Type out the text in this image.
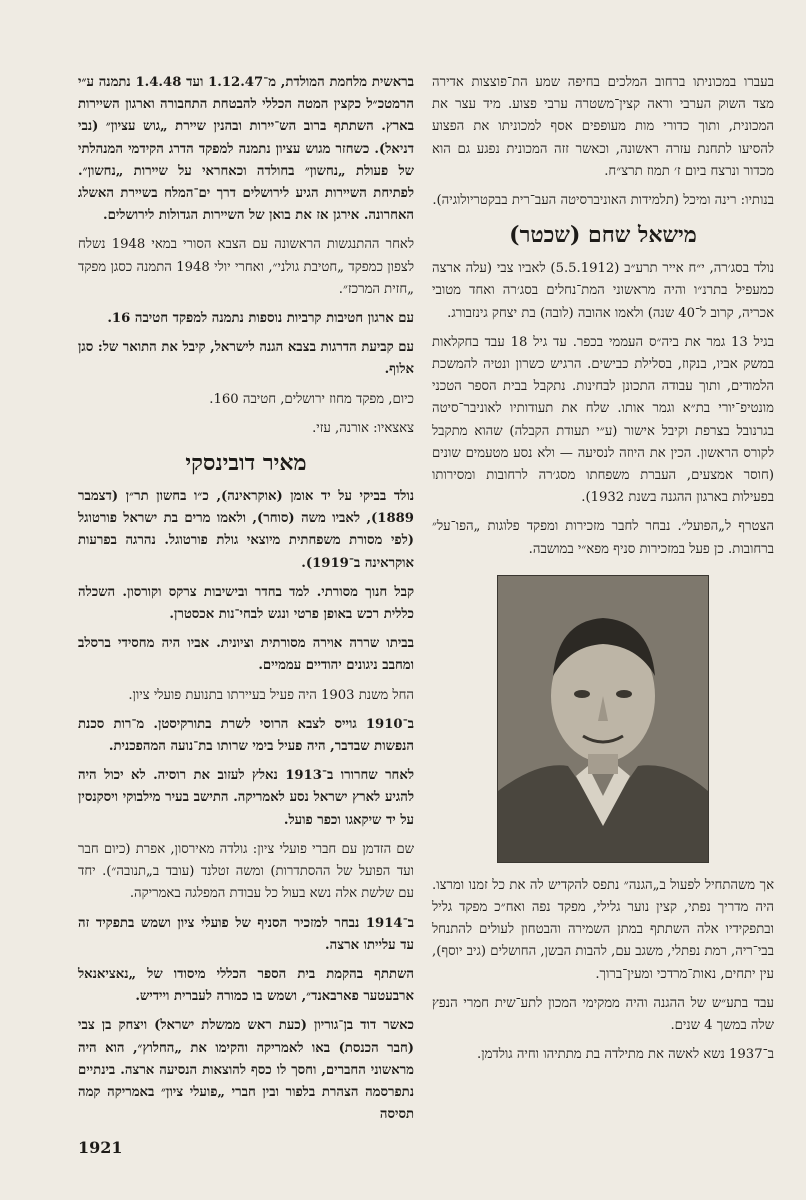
בעברו במכוניתו ברחוב המלכים בחיפה שמע הת־פוצצות אדירה מצד השוק הערבי וראה קצין־משטרה ערבי פצוע. מיד עצר את המכונית, ותוך כדורי מות מעופפים אסף למכוניתו את הפצוע להסיעו לתחנת עזרה ראשונה, וכאשר זזה המכונית נפגע גם הוא מכדור ונרצח ביום ז׳ תמוז תרצ״ח.

בנותיו: רינה ומיכל (תלמידות האוניברסיטה העב־רית בבקטריולוגיה).

מישאל שחם (שכטר)

נולד בסג׳רה, י״ח אייר תרע״ב (5.5.1912) לאביו צבי (עלה ארצה כמעפיל בתרנ״ו והיה מראשוני המת־נחלים בסג׳רה ואחד מטובי אכריה, קרוב ל־40 שנה) ולאמו אהובה (לובה) בת יצחק גינזבורג.

בגיל 13 גמר את ביה״ס העממי בכפר. עד גיל 18 עבד בחקלאות במשק אביו, בנקוז, בסלילת כבישים. הרגיש כשרון ונטיה להמשכת הלמודים, ותוך עבודה התכונן לבחינות. נתקבל בבית הספר הטכני מונטיפ־יורי בת״א וגמר אותו. שלח את תעודותיו לאוניבר־סיטה בגרנובל בצרפת וקיבל אישור (ע״י תעודת הקבלה) שהוא מתקבל לקורס הראשון. הכין את היוזה לנסיעה — ולא נסע מטעמים שונים (חוסר אמצעים, העברת משפחתו מסג׳רה לרחובות ומסירותו בפעילות בארגון ההגנה בשנת 1932).

הצטרף ל„הפועל״. נבחר לחבר מזכירות ומפקד פלוגות „הפו־על״ ברחובות. כן פעל במזכירות סניף מפא״י במושבה.

אך משהתחיל לפעול ב„הגנה״ נתפס להקדיש לה את כל זמנו ומרצו. היה מדריך נפתי, קצין נוער גלילי, מפקד נפה ואח״כ מפקד גליל ובתפקידיו אלה השתתף במתן השמירה והבטחון לעולים להתנחל בבי־ריה, רמת נפתלי, משגב עם, להבות הבשן, החושלים (גיב יוסף), עין יתחים, נאות־מרדכי ומעין־ברוך.

עבד בתע״ש של ההגנה והיה ממקימי המכון לתע־שית חמרי הנפץ שלה במשך 4 שנים.

ב־1937 נשא לאשה את מתילדה בת מתתיהו וחיה גולדמן.

בראשית מלחמת המולדת, מ־1.12.47 ועד 1.4.48 נתמנה ע״י הרמטכ״ל כקצין המטה הכללי להבטחת התחבורה וארגון השיירות בארץ. השתתף ברוב הש־יירות ובהנין שיירת „גוש עציון״ (נבי דניאל). כשחזר מגוש עציון נתמנה למפקד הדרג הקידמי המנהלתי של פעולת „נחשון״ בחולדה וכאחראי על שיירות „נחשון״. לפתיחת השיירות הגיע לירושלים דרך ים־המלח בשיירת האשלג האחרונה. אירגן אז את בואן של השיירות הגדולות לירושלים.

לאחר ההתנגשות הראשונה עם הצבא הסורי במאי 1948 נשלח לצפון כמפקד „חטיבת גולני״, ואחרי יולי 1948 התמנה כסגן מפקד „חזית המרכז״.

עם ארגון חטיבות קרביות נוספות נתמנה למפקד חטיבה 16.

עם קביעת הדרגות בצבא הגנה לישראל, קיבל את התואר של: סגן אלוף.

כיום, מפקד מחוז ירושלים, חטיבה 160.

צאצאיו: אורנה, עזי.

מאיר דובינסקי

נולד בביקי על יד אומן (אוקראינה), כ״ו בחשון תר״ן (דצמבר 1889), לאביו משה (סוחר), ולאמו מרים בת ישראל פורטוגל (לפי מסורת משפחתית מיוצאי גולת פורטוגל. נהרגה בפרעות אוקראינה ב־1919).

קבל חנוך מסורתי. למד בחדר ובישיבות צרקס וקורסון. השכלה כללית רכש באופן פרטי ונגש לבחי־נות אכסטרן.

בביתו שררה אוירה מסורתית וציונית. אביו היה מחסידי ברסלב ומחבב ניגונים יהודיים עממיים.

החל משנת 1903 היה פעיל בעיירתו בתנועת פועלי ציון.

ב־1910 גוייס לצבא הרוסי לשרת בתורקיסטן. מ־רות סכנת הנפשות שבדבר, היה פעיל בימי שרותו בת־נועה המהפכנית.

לאחר שחרורו ב־1913 נאלץ לעזוב את רוסיה. לא יכול היה להגיע לארץ ישראל נסע לאמריקה. התישב בעיר מילבוקי ויסקנסין על יד שיקאגו וכפר פועל.

שם הזדמן עם חברי פועלי ציון: גולדה מאירסון, אפרת (כיום חבר ועד הפועל של ההסתדרות) ומשה זטלנד (עובד ב„תנובה״). יחד עם שלשת אלה נשא בעול כל עבודת המפלגה באמריקה.

ב־1914 נבחר למזכיר הסניף של פועלי ציון ושמש בתפקיד זה עד עלייתו ארצה.

השתתף בהקמת בית הספר הכללי מיסודו של „נאציאנאל ארבעטער פארבאנד״, ושמש בו כמורה לעברית ויידיש.

כאשר דוד בן־גוריון (כעת ראש ממשלת ישראל) ויצחק בן צבי (חבר הכנסת) באו לאמריקה והקימו את „החלוץ״, הוא היה מראשוני החברים, וחסך לו כסף להוצאות הנסיעה ארצה. בינתיים נתפרסמה הצהרת בלפור ובין חברי „פועלי ציון״ באמריקה קמה תסיסה

1921
